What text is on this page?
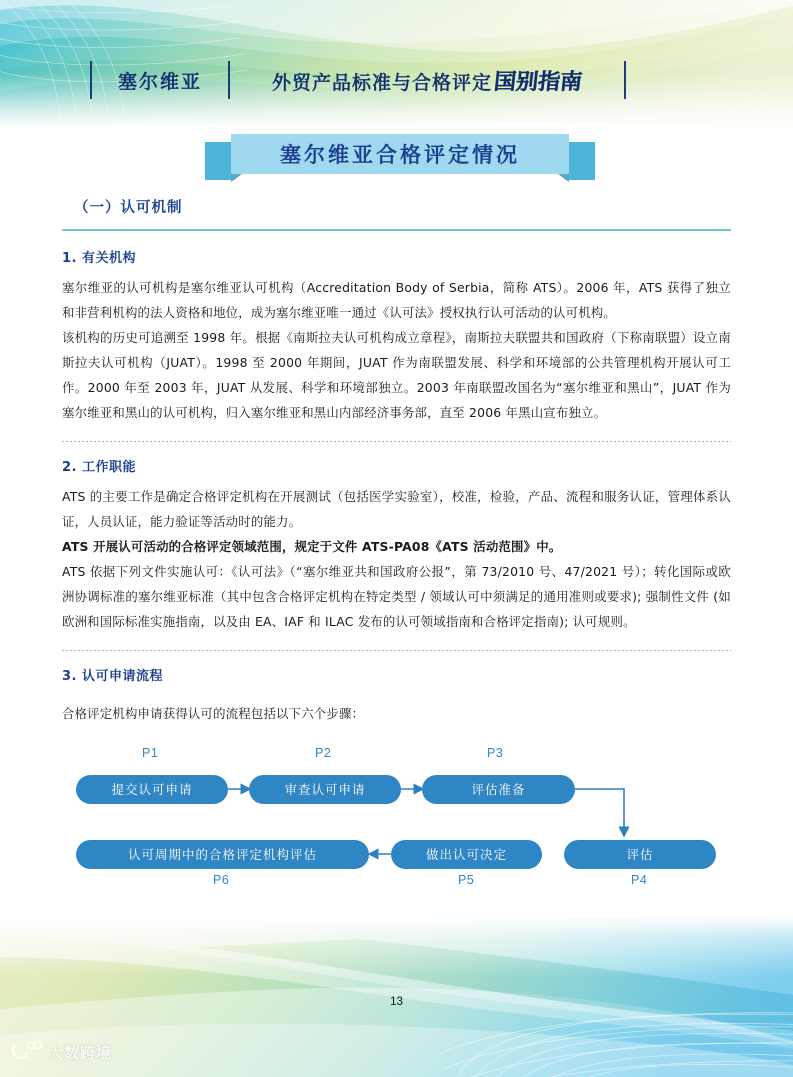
塞尔维亚	外贸产品标准与合格评定 国别指南
塞尔维亚合格评定情况
（一）认可机制
1. 有关机构

塞尔维亚的认可机构是塞尔维亚认可机构（Accreditation Body of Serbia，简称 ATS）。2006 年，ATS 获得了独立和非营利机构的法人资格和地位，成为塞尔维亚唯一通过《认可法》授权执行认可活动的认可机构。

该机构的历史可追溯至 1998 年。根据《南斯拉夫认可机构成立章程》，南斯拉夫联盟共和国政府（下称南联盟）设立南斯拉夫认可机构（JUAT）。1998 至 2000 年期间，JUAT 作为南联盟发展、科学和环境部的公共管理机构开展认可工作。2000 年至 2003 年，JUAT 从发展、科学和环境部独立。2003 年南联盟改国名为“塞尔维亚和黑山”，JUAT 作为塞尔维亚和黑山的认可机构，归入塞尔维亚和黑山内部经济事务部，直至 2006 年黑山宣布独立。

2. 工作职能

ATS 的主要工作是确定合格评定机构在开展测试（包括医学实验室），校准，检验，产品、流程和服务认证，管理体系认证，人员认证，能力验证等活动时的能力。

ATS 开展认可活动的合格评定领域范围，规定于文件 ATS-PA08《ATS 活动范围》中。

ATS 依据下列文件实施认可：《认可法》（“塞尔维亚共和国政府公报”，第 73/2010 号、47/2021 号）；转化国际或欧洲协调标准的塞尔维亚标准（其中包含合格评定机构在特定类型 / 领域认可中须满足的通用准则或要求); 强制性文件 (如欧洲和国际标准实施指南，以及由 EA、IAF 和 ILAC 发布的认可领域指南和合格评定指南); 认可规则。

3. 认可申请流程

合格评定机构申请获得认可的流程包括以下六个步骤：

P1	P2	P3
提交认可申请	审查认可申请	评估准备
认可周期中的合格评定机构评估	做出认可决定	评估
P6	P5	P4
13
大数跨境
